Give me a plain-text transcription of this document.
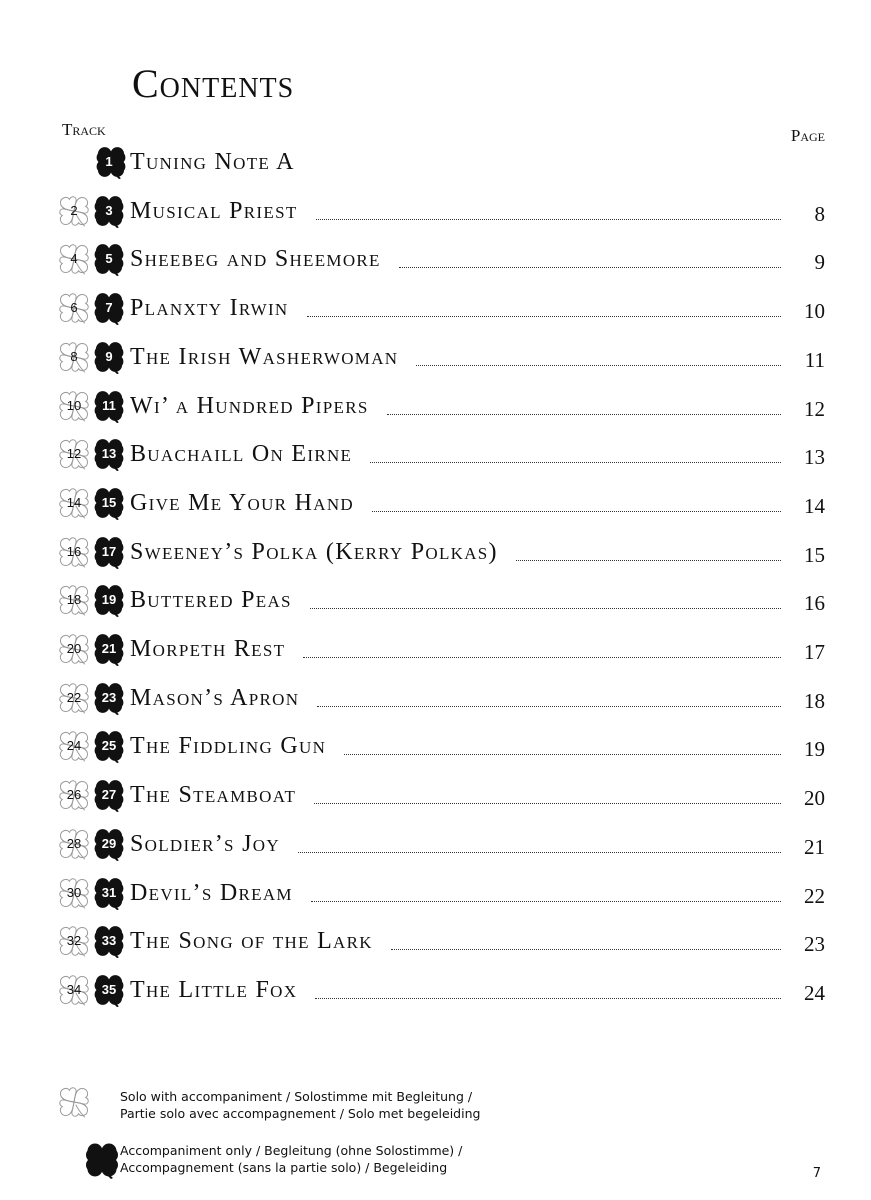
Contents
Track	Page
1 Tuning Note A
2	3 Musical Priest	8
4	5 Sheebeg and Sheemore	9
6	7 Planxty Irwin	10
8	9 The Irish Washerwoman	11
10	11 Wi’ a Hundred Pipers	12
12	13 Buachaill On Eirne	13
14	15 Give Me Your Hand	14
16	17 Sweeney’s Polka (Kerry Polkas)	15
18	19 Buttered Peas	16
20	21 Morpeth Rest	17
22	23 Mason’s Apron	18
24	25 The Fiddling Gun	19
26	27 The Steamboat	20
28	29 Soldier’s Joy	21
30	31 Devil’s Dream	22
32	33 The Song of the Lark	23
34	35 The Little Fox	24
Solo with accompaniment / Solostimme mit Begleitung /
Partie solo avec accompagnement / Solo met begeleiding
Accompaniment only / Begleitung (ohne Solostimme) /
Accompagnement (sans la partie solo) / Begeleiding	7
